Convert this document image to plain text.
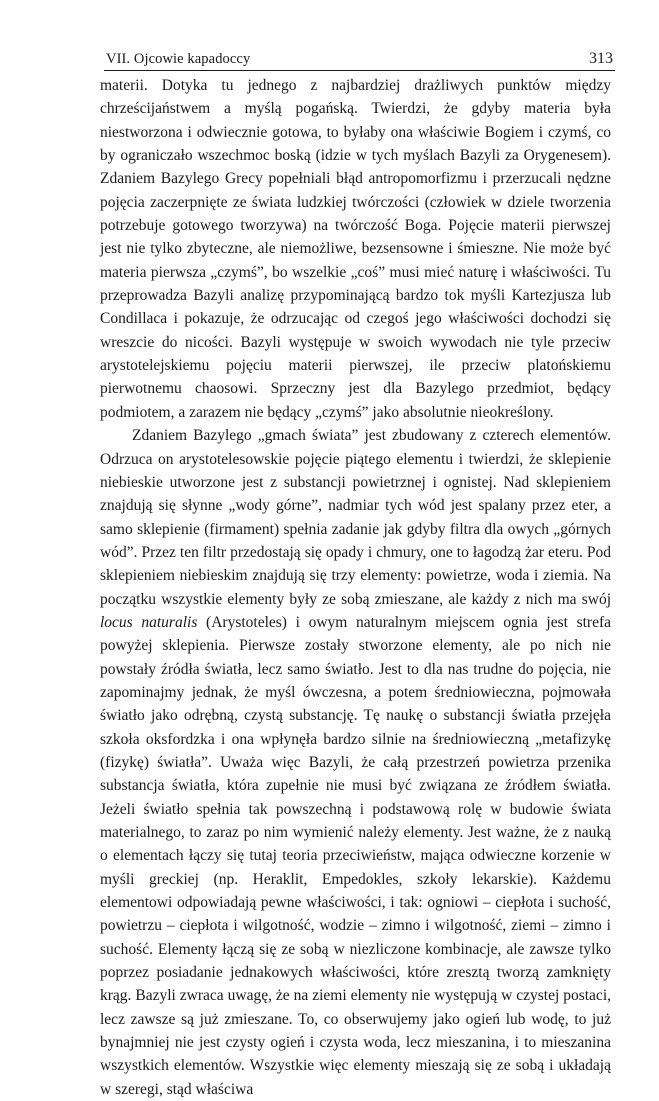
VII. Ojcowie kapadoccy	313

materii. Dotyka tu jednego z najbardziej drażliwych punktów między chrześcijaństwem a myślą pogańską. Twierdzi, że gdyby materia była niestworzona i odwiecznie gotowa, to byłaby ona właściwie Bogiem i czymś, co by ograniczało wszechmoc boską (idzie w tych myślach Bazyli za Orygenesem). Zdaniem Bazylego Grecy popełniali błąd antropomorfizmu i przerzucali nędzne pojęcia zaczerpnięte ze świata ludzkiej twórczości (człowiek w dziele tworzenia potrzebuje gotowego tworzywa) na twórczość Boga. Pojęcie materii pierwszej jest nie tylko zbyteczne, ale niemożliwe, bezsensowne i śmieszne. Nie może być materia pierwsza „czymś”, bo wszelkie „coś” musi mieć naturę i właściwości. Tu przeprowadza Bazyli analizę przypominającą bardzo tok myśli Kartezjusza lub Condillaca i pokazuje, że odrzucając od czegoś jego właściwości dochodzi się wreszcie do nicości. Bazyli występuje w swoich wywodach nie tyle przeciw arystotelejskiemu pojęciu materii pierwszej, ile przeciw platońskiemu pierwotnemu chaosowi. Sprzeczny jest dla Bazylego przedmiot, będący podmiotem, a zarazem nie będący „czymś” jako absolutnie nieokreślony.

Zdaniem Bazylego „gmach świata” jest zbudowany z czterech elementów. Odrzuca on arystotelesowskie pojęcie piątego elementu i twierdzi, że sklepienie niebieskie utworzone jest z substancji powietrznej i ognistej. Nad sklepieniem znajdują się słynne „wody górne”, nadmiar tych wód jest spalany przez eter, a samo sklepienie (firmament) spełnia zadanie jak gdyby filtra dla owych „górnych wód”. Przez ten filtr przedostają się opady i chmury, one to łagodzą żar eteru. Pod sklepieniem niebieskim znajdują się trzy elementy: powietrze, woda i ziemia. Na początku wszystkie elementy były ze sobą zmieszane, ale każdy z nich ma swój locus naturalis (Arystoteles) i owym naturalnym miejscem ognia jest strefa powyżej sklepienia. Pierwsze zostały stworzone elementy, ale po nich nie powstały źródła światła, lecz samo światło. Jest to dla nas trudne do pojęcia, nie zapominajmy jednak, że myśl ówczesna, a potem średniowieczna, pojmowała światło jako odrębną, czystą substancję. Tę naukę o substancji światła przejęła szkoła oksfordzka i ona wpłynęła bardzo silnie na średniowieczną „metafizykę (fizykę) światła”. Uważa więc Bazyli, że całą przestrzeń powietrza przenika substancja światła, która zupełnie nie musi być związana ze źródłem światła. Jeżeli światło spełnia tak powszechną i podstawową rolę w budowie świata materialnego, to zaraz po nim wymienić należy elementy. Jest ważne, że z nauką o elementach łączy się tutaj teoria przeciwieństw, mająca odwieczne korzenie w myśli greckiej (np. Heraklit, Empedokles, szkoły lekarskie). Każdemu elementowi odpowiadają pewne właściwości, i tak: ogniowi – ciepłota i suchość, powietrzu – ciepłota i wilgotność, wodzie – zimno i wilgotność, ziemi – zimno i suchość. Elementy łączą się ze sobą w niezliczone kombinacje, ale zawsze tylko poprzez posiadanie jednakowych właściwości, które zresztą tworzą zamknięty krąg. Bazyli zwraca uwagę, że na ziemi elementy nie występują w czystej postaci, lecz zawsze są już zmieszane. To, co obserwujemy jako ogień lub wodę, to już bynajmniej nie jest czysty ogień i czysta woda, lecz mieszanina, i to mieszanina wszystkich elementów. Wszystkie więc elementy mieszają się ze sobą i układają w szeregi, stąd właściwa
